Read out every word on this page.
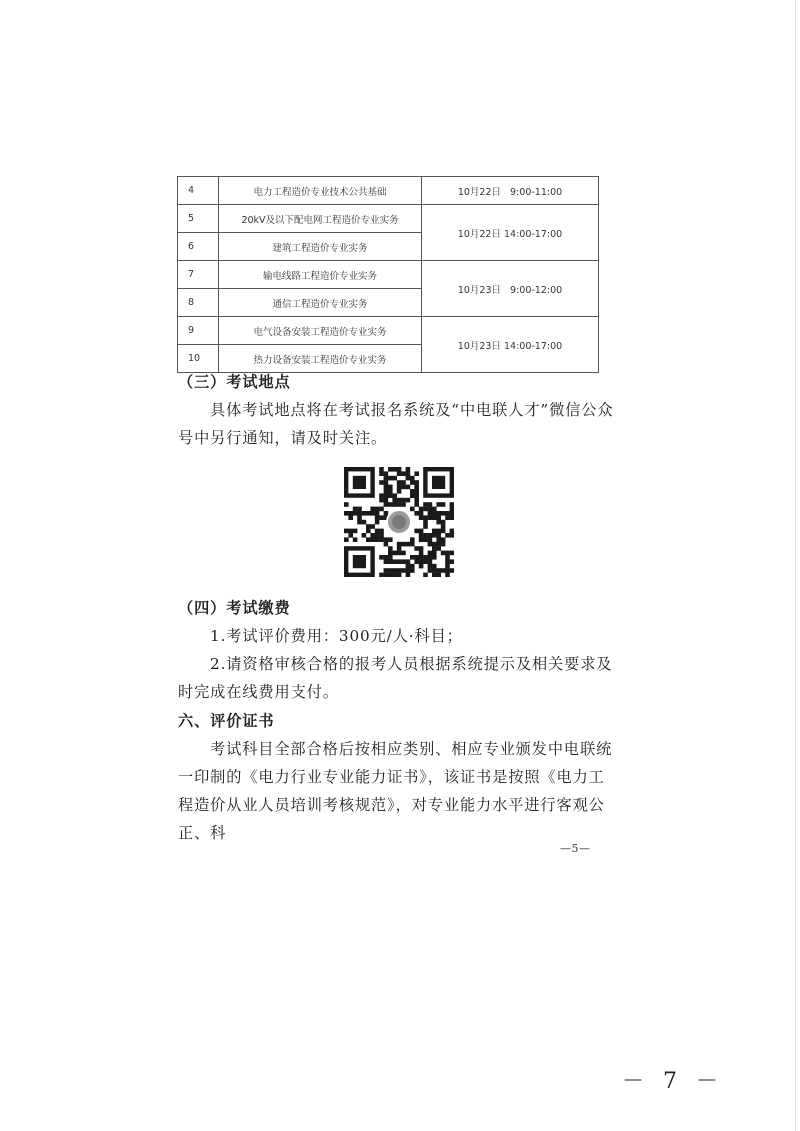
4	电力工程造价专业技术公共基础	10月22日   9:00-11:00
5	20kV及以下配电网工程造价专业实务	10月22日 14:00-17:00
6	建筑工程造价专业实务	
7	输电线路工程造价专业实务	10月23日   9:00-12:00
8	通信工程造价专业实务	
9	电气设备安装工程造价专业实务	10月23日 14:00-17:00
10	热力设备安装工程造价专业实务	

（三）考试地点

具体考试地点将在考试报名系统及“中电联人才”微信公众号中另行通知，请及时关注。

（四）考试缴费

1.考试评价费用：300元/人·科目；

2.请资格审核合格的报考人员根据系统提示及相关要求及时完成在线费用支付。

六、评价证书

考试科目全部合格后按相应类别、相应专业颁发中电联统一印制的《电力行业专业能力证书》，该证书是按照《电力工程造价从业人员培训考核规范》，对专业能力水平进行客观公正、科

—5—
－ 7 －
